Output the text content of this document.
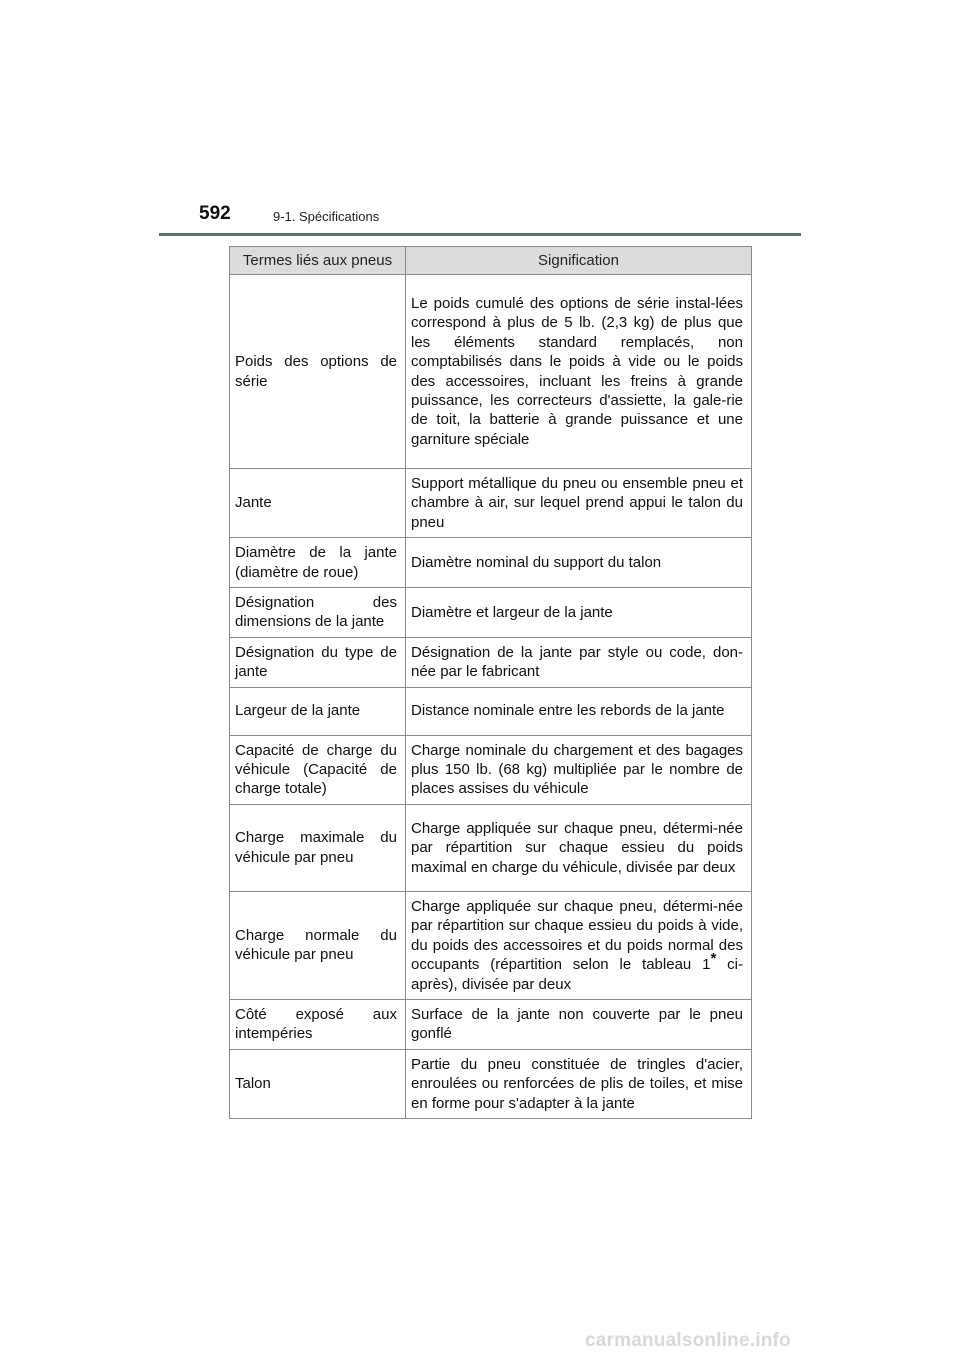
592	9-1. Spécifications
Termes liés aux pneus	Signification
Poids des options de série	Le poids cumulé des options de série instal-lées correspond à plus de 5 lb. (2,3 kg) de plus que les éléments standard remplacés, non comptabilisés dans le poids à vide ou le poids des accessoires, incluant les freins à grande puissance, les correcteurs d'assiette, la gale-rie de toit, la batterie à grande puissance et une garniture spéciale
Jante	Support métallique du pneu ou ensemble pneu et chambre à air, sur lequel prend appui le talon du pneu
Diamètre de la jante (diamètre de roue)	Diamètre nominal du support du talon
Désignation des dimensions de la jante	Diamètre et largeur de la jante
Désignation du type de jante	Désignation de la jante par style ou code, don-née par le fabricant
Largeur de la jante	Distance nominale entre les rebords de la jante
Capacité de charge du véhicule (Capacité de charge totale)	Charge nominale du chargement et des bagages plus 150 lb. (68 kg) multipliée par le nombre de places assises du véhicule
Charge maximale du véhicule par pneu	Charge appliquée sur chaque pneu, détermi-née par répartition sur chaque essieu du poids maximal en charge du véhicule, divisée par deux
Charge normale du véhicule par pneu	Charge appliquée sur chaque pneu, détermi-née par répartition sur chaque essieu du poids à vide, du poids des accessoires et du poids normal des occupants (répartition selon le tableau 1* ci-après), divisée par deux
Côté exposé aux intempéries	Surface de la jante non couverte par le pneu gonflé
Talon	Partie du pneu constituée de tringles d'acier, enroulées ou renforcées de plis de toiles, et mise en forme pour s'adapter à la jante
carmanualsonline.info
